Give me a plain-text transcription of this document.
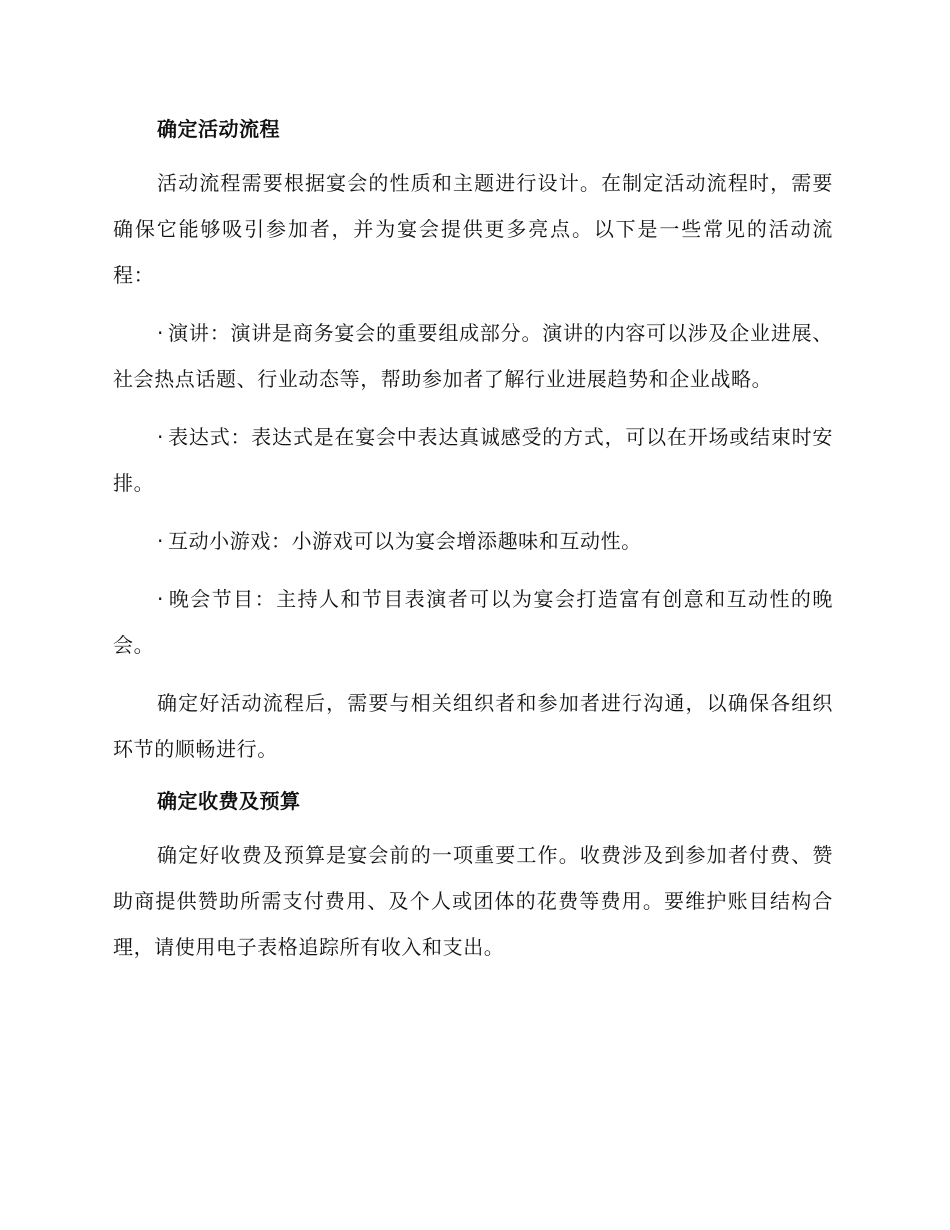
确定活动流程

活动流程需要根据宴会的性质和主题进行设计。在制定活动流程时，需要确保它能够吸引参加者，并为宴会提供更多亮点。以下是一些常见的活动流程：

· 演讲：演讲是商务宴会的重要组成部分。演讲的内容可以涉及企业进展、社会热点话题、行业动态等，帮助参加者了解行业进展趋势和企业战略。

· 表达式：表达式是在宴会中表达真诚感受的方式，可以在开场或结束时安排。

· 互动小游戏：小游戏可以为宴会增添趣味和互动性。

· 晚会节目：主持人和节目表演者可以为宴会打造富有创意和互动性的晚会。

确定好活动流程后，需要与相关组织者和参加者进行沟通，以确保各组织环节的顺畅进行。

确定收费及预算

确定好收费及预算是宴会前的一项重要工作。收费涉及到参加者付费、赞助商提供赞助所需支付费用、及个人或团体的花费等费用。要维护账目结构合理，请使用电子表格追踪所有收入和支出。
